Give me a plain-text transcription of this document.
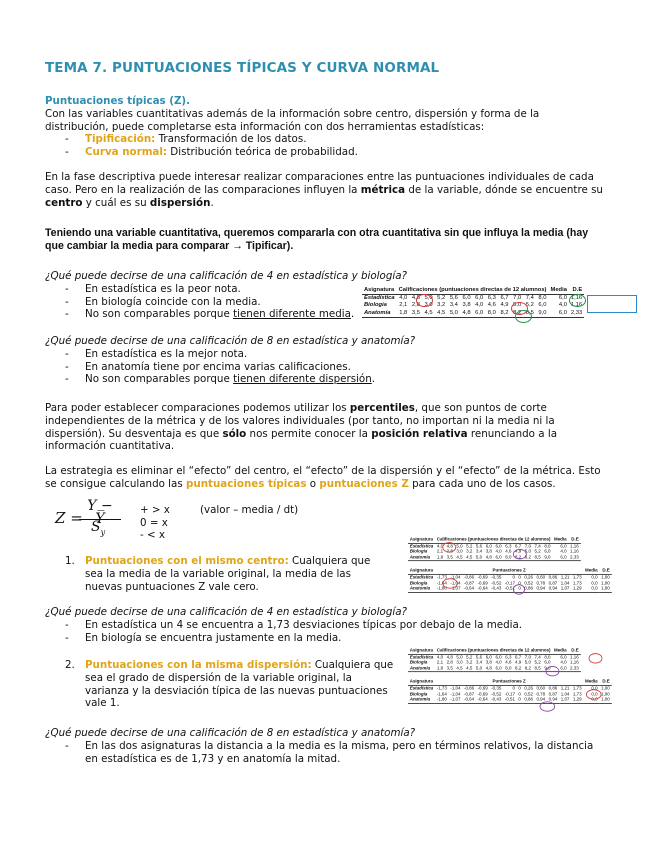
TEMA 7. PUNTUACIONES TÍPICAS Y CURVA NORMAL

Puntuaciones típicas (Z).

Con las variables cuantitativas además de la información sobre centro, dispersión y forma de la distribución, puede completarse esta información con dos herramientas estadísticas:

- Tipificación: Transformación de los datos.
- Curva normal: Distribución teórica de probabilidad.

En la fase descriptiva puede interesar realizar comparaciones entre las puntuaciones individuales de cada caso. Pero en la realización de las comparaciones influyen la métrica de la variable, dónde se encuentre su centro y cuál es su dispersión.

Teniendo una variable cuantitativa, queremos compararla con otra cuantitativa sin que influya la media (hay que cambiar la media para comparar → Tipificar).

¿Qué puede decirse de una calificación de 4 en estadística y biología?

- En estadística es la peor nota.
- En biología coincide con la media.
- No son comparables porque tienen diferente media.
Asignatura	Calificaciones (puntuaciones directas de 12 alumnos)												Media	D.E
Estadística	4,0	4,8	5,0	5,2	5,6	6,0	6,0	6,3	6,7	7,0	7,4	8,0	6,0	1,16
Biología	2,1	2,8	3,0	3,2	3,4	3,8	4,0	4,6	4,9	5,0	5,2	6,0	4,0	1,16
Anatomía	1,8	3,5	4,5	4,5	5,0	4,8	6,0	8,0	8,2	8,2	8,5	9,0	6,0	2,33

¿Qué puede decirse de una calificación de 8 en estadística y anatomía?

- En estadística es la mejor nota.
- En anatomía tiene por encima varias calificaciones.
- No son comparables porque tienen diferente dispersión.

Para poder establecer comparaciones podemos utilizar los percentiles, que son puntos de corte independientes de la métrica y de los valores individuales (por tanto, no importan ni la media ni la dispersión). Su desventaja es que sólo nos permite conocer la posición relativa renunciando a la información cuantitativa.

La estrategia es eliminar el “efecto” del centro, el “efecto” de la dispersión y el “efecto” de la métrica. Esto se consigue calculando las puntuaciones típicas o puntuaciones Z para cada uno de los casos.

Z =
Y − Y̅
$S_y$
+ > x
0 = x
- < x
(valor – media / dt)
1. Puntuaciones con el mismo centro: Cualquiera que sea la media de la variable original, la media de las nuevas puntuaciones Z vale cero.

Asignatura	Calificaciones (puntuaciones directas de 12 alumnos)												Media	D.E
Estadística	4,0	4,8	5,0	5,2	5,6	6,0	6,0	6,3	6,7	7,0	7,4	8,0	6,0	1,16
Biología	2,1	2,8	3,0	3,2	3,4	3,8	4,0	4,6	4,9	5,0	5,2	6,0	4,0	1,16
Anatomía	1,8	3,5	4,5	4,5	5,0	4,8	6,0	8,0	8,2	8,2	8,5	9,0	6,0	2,33
Asignatura	Puntuaciones Z												Media	D.E
Estadística	-1,73	-1,04	-0,86	-0,69	-0,35	0	0	0,26	0,60	0,86	1,21	1,73	0,0	1,00
Biología	-1,64	-1,04	-0,87	-0,69	-0,52	-0,17	0	0,52	0,78	0,87	1,04	1,73	0,0	1,00
Anatomía	-1,80	-1,07	-0,64	-0,64	-0,43	-0,51	0	0,86	0,94	0,94	1,07	1,29	0,0	1,00

¿Qué puede decirse de una calificación de 4 en estadística y biología?

- En estadística un 4 se encuentra a 1,73 desviaciones típicas por debajo de la media.
- En biología se encuentra justamente en la media.
2. Puntuaciones con la misma dispersión: Cualquiera que sea el grado de dispersión de la variable original, la varianza y la desviación típica de las nuevas puntuaciones vale 1.

Asignatura	Calificaciones (puntuaciones directas de 12 alumnos)												Media	D.E
Estadística	4,0	4,8	5,0	5,2	5,6	6,0	6,0	6,3	6,7	7,0	7,4	8,0	6,0	1,16
Biología	2,1	2,8	3,0	3,2	3,4	3,8	4,0	4,6	4,9	5,0	5,2	6,0	4,0	1,16
Anatomía	1,8	3,5	4,5	4,5	5,0	4,8	6,0	8,0	8,2	8,2	8,5	9,0	6,0	2,33
Asignatura	Puntuaciones Z												Media	D.E
Estadística	-1,73	-1,04	-0,86	-0,69	-0,35	0	0	0,26	0,60	0,86	1,21	1,73	0,0	1,00
Biología	-1,64	-1,04	-0,87	-0,69	-0,52	-0,17	0	0,52	0,78	0,87	1,04	1,73	0,0	1,00
Anatomía	-1,80	-1,07	-0,64	-0,64	-0,43	-0,51	0	0,86	0,94	0,94	1,07	1,29	0,0	1,00

¿Qué puede decirse de una calificación de 8 en estadística y anatomía?

- En las dos asignaturas la distancia a la media es la misma, pero en términos relativos, la distancia en estadística es de 1,73 y en anatomía la mitad.
